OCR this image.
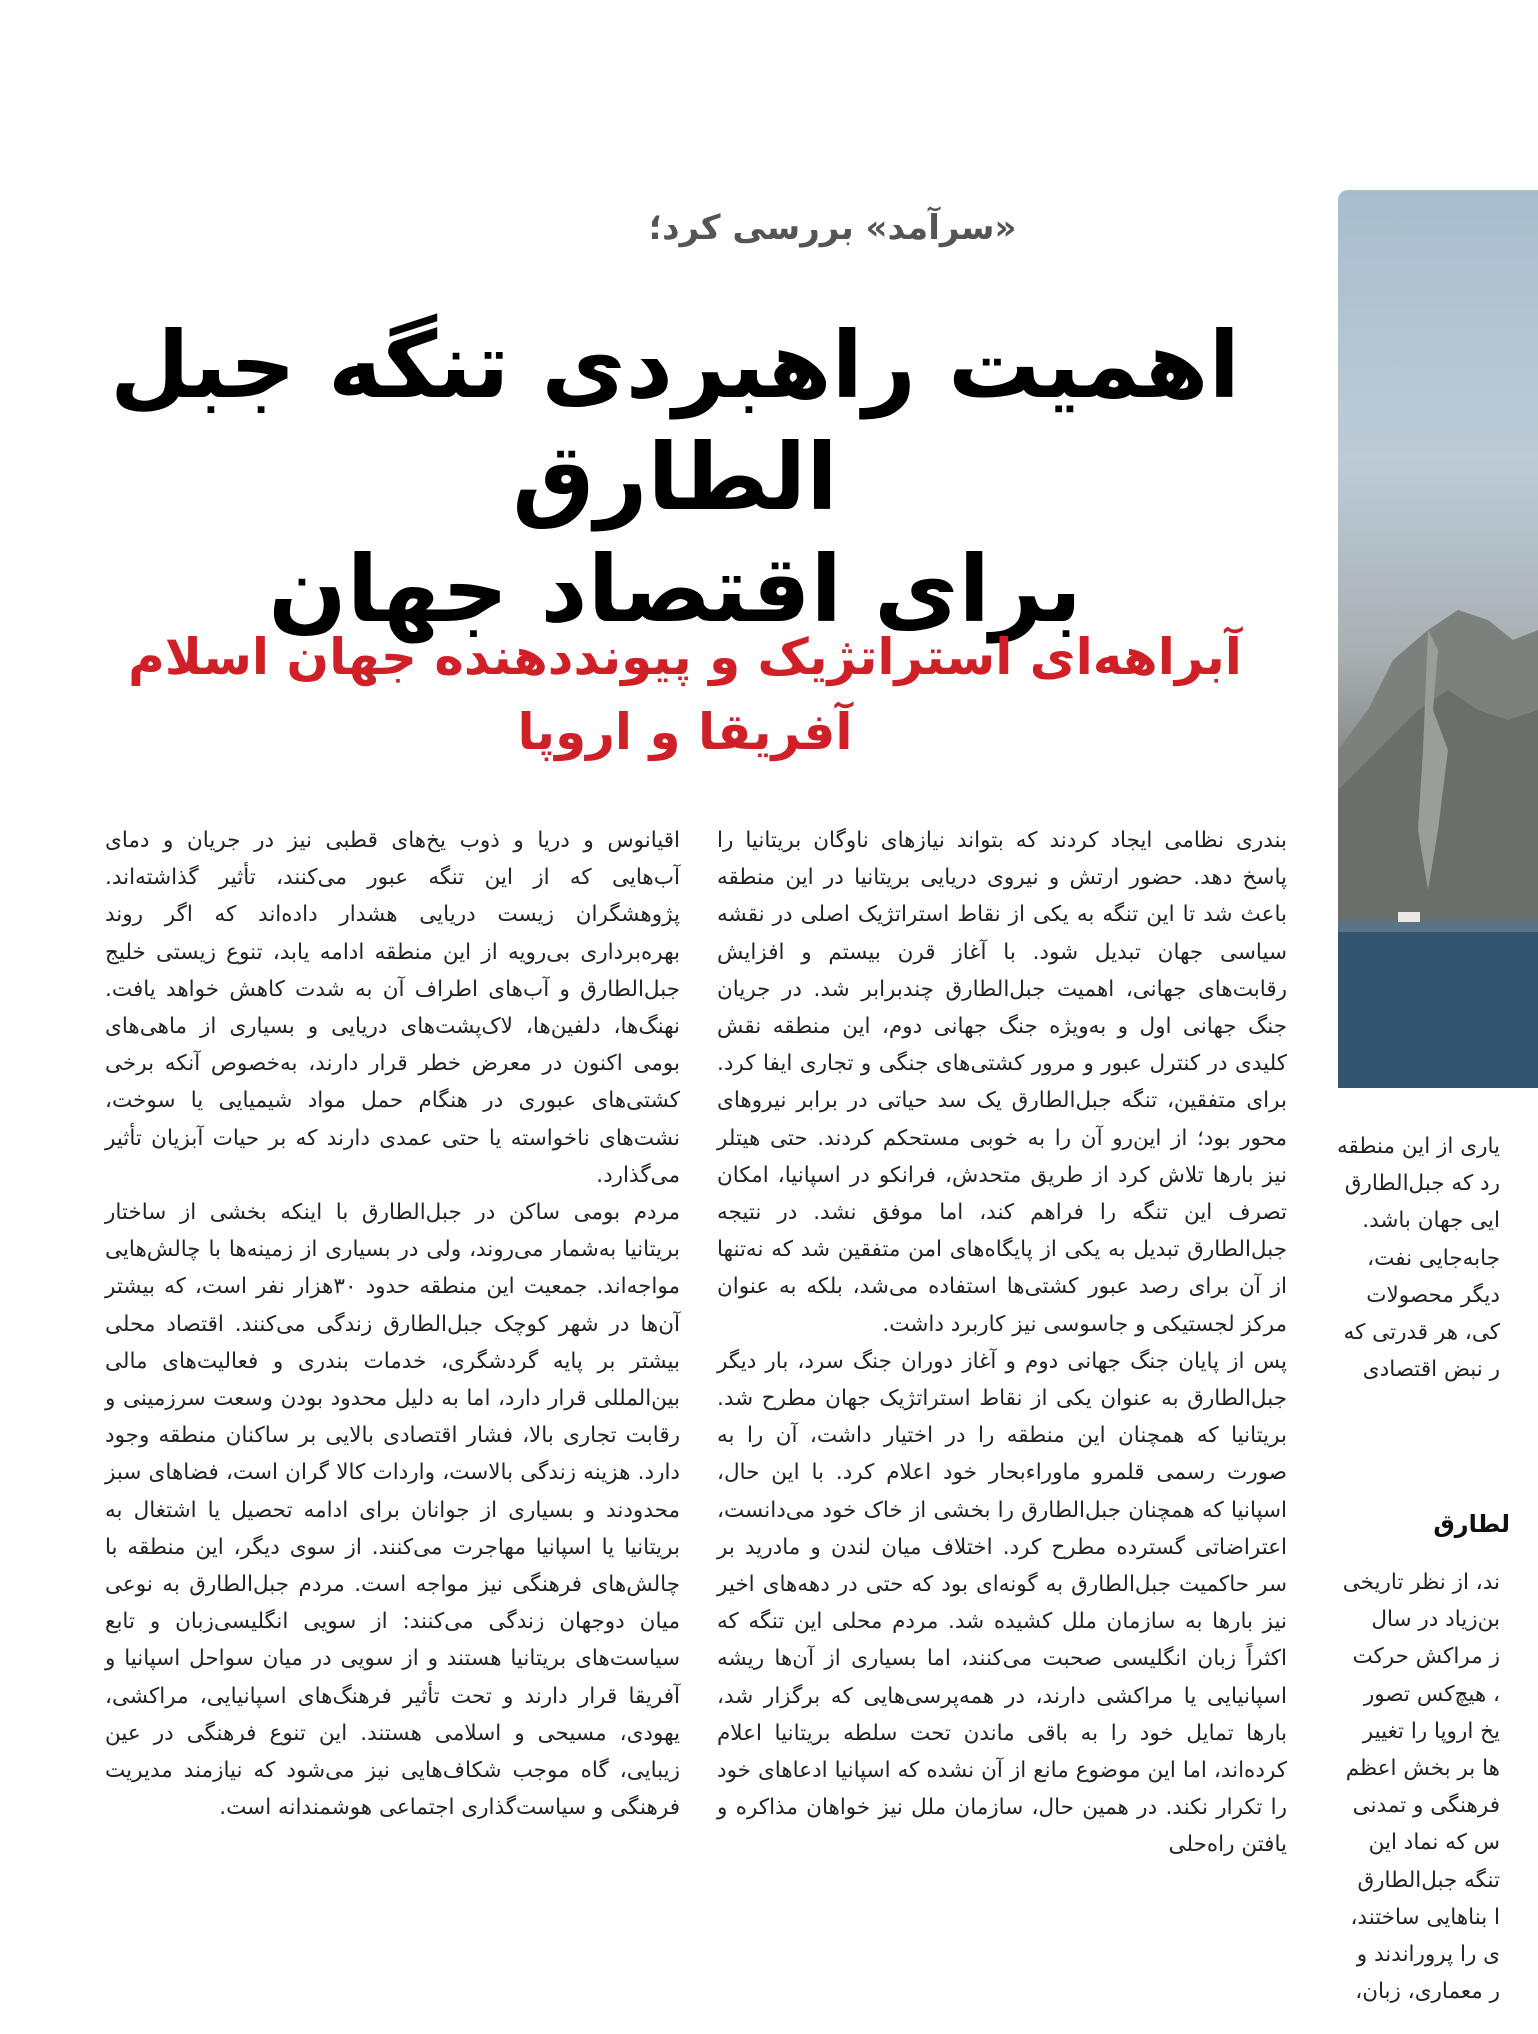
«سرآمد» بررسی کرد؛
اهمیت راهبردی تنگه جبل الطارق
برای اقتصاد جهان
آبراهه‌ای استراتژیک و پیونددهنده جهان اسلام
آفریقا و اروپا

بندری نظامی ایجاد کردند که بتواند نیازهای ناوگان بریتانیا را پاسخ دهد. حضور ارتش و نیروی دریایی بریتانیا در این منطقه باعث شد تا این تنگه به یکی از نقاط استراتژیک اصلی در نقشه سیاسی جهان تبدیل شود. با آغاز قرن بیستم و افزایش رقابت‌های جهانی، اهمیت جبل‌الطارق چندبرابر شد. در جریان جنگ جهانی اول و به‌ویژه جنگ جهانی دوم، این منطقه نقش کلیدی در کنترل عبور و مرور کشتی‌های جنگی و تجاری ایفا کرد. برای متفقین، تنگه جبل‌الطارق یک سد حیاتی در برابر نیروهای محور بود؛ از این‌رو آن را به خوبی مستحکم کردند. حتی هیتلر نیز بارها تلاش کرد از طریق متحدش، فرانکو در اسپانیا، امکان تصرف این تنگه را فراهم کند، اما موفق نشد. در نتیجه جبل‌الطارق تبدیل به یکی از پایگاه‌های امن متفقین شد که نه‌تنها از آن برای رصد عبور کشتی‌ها استفاده می‌شد، بلکه به عنوان مرکز لجستیکی و جاسوسی نیز کاربرد داشت.

پس از پایان جنگ جهانی دوم و آغاز دوران جنگ سرد، بار دیگر جبل‌الطارق به عنوان یکی از نقاط استراتژیک جهان مطرح شد. بریتانیا که همچنان این منطقه را در اختیار داشت، آن را به صورت رسمی قلمرو ماوراءبحار خود اعلام کرد. با این حال، اسپانیا که همچنان جبل‌الطارق را بخشی از خاک خود می‌دانست، اعتراضاتی گسترده مطرح کرد. اختلاف میان لندن و مادرید بر سر حاکمیت جبل‌الطارق به گونه‌ای بود که حتی در دهه‌های اخیر نیز بارها به سازمان ملل کشیده شد. مردم محلی این تنگه که اکثراً زبان انگلیسی صحبت می‌کنند، اما بسیاری از آن‌ها ریشه اسپانیایی یا مراکشی دارند، در همه‌پرسی‌هایی که برگزار شد، بارها تمایل خود را به باقی ماندن تحت سلطه بریتانیا اعلام کرده‌اند، اما این موضوع مانع از آن نشده که اسپانیا ادعاهای خود را تکرار نکند. در همین حال، سازمان ملل نیز خواهان مذاکره و یافتن راه‌حلی

اقیانوس و دریا و ذوب یخ‌های قطبی نیز در جریان و دمای آب‌هایی که از این تنگه عبور می‌کنند، تأثیر گذاشته‌اند. پژوهشگران زیست دریایی هشدار داده‌اند که اگر روند بهره‌برداری بی‌رویه از این منطقه ادامه یابد، تنوع زیستی خلیج جبل‌الطارق و آب‌های اطراف آن به شدت کاهش خواهد یافت. نهنگ‌ها، دلفین‌ها، لاک‌پشت‌های دریایی و بسیاری از ماهی‌های بومی اکنون در معرض خطر قرار دارند، به‌خصوص آنکه برخی کشتی‌های عبوری در هنگام حمل مواد شیمیایی یا سوخت، نشت‌های ناخواسته یا حتی عمدی دارند که بر حیات آبزیان تأثیر می‌گذارد.

مردم بومی ساکن در جبل‌الطارق با اینکه بخشی از ساختار بریتانیا به‌شمار می‌روند، ولی در بسیاری از زمینه‌ها با چالش‌هایی مواجه‌اند. جمعیت این منطقه حدود ۳۰هزار نفر است، که بیشتر آن‌ها در شهر کوچک جبل‌الطارق زندگی می‌کنند. اقتصاد محلی بیشتر بر پایه گردشگری، خدمات بندری و فعالیت‌های مالی بین‌المللی قرار دارد، اما به دلیل محدود بودن وسعت سرزمینی و رقابت تجاری بالا، فشار اقتصادی بالایی بر ساکنان منطقه وجود دارد. هزینه زندگی بالاست، واردات کالا گران است، فضاهای سبز محدودند و بسیاری از جوانان برای ادامه تحصیل یا اشتغال به بریتانیا یا اسپانیا مهاجرت می‌کنند. از سوی دیگر، این منطقه با چالش‌های فرهنگی نیز مواجه است. مردم جبل‌الطارق به نوعی میان دوجهان زندگی می‌کنند: از سویی انگلیسی‌زبان و تابع سیاست‌های بریتانیا هستند و از سویی در میان سواحل اسپانیا و آفریقا قرار دارند و تحت تأثیر فرهنگ‌های اسپانیایی، مراکشی، یهودی، مسیحی و اسلامی هستند. این تنوع فرهنگی در عین زیبایی، گاه موجب شکاف‌هایی نیز می‌شود که نیازمند مدیریت فرهنگی و سیاست‌گذاری اجتماعی هوشمندانه است.

یاری از این منطقه
رد که جبل‌الطارق
ایی جهان باشد.
جابه‌جایی نفت،
دیگر محصولات
کی، هر قدرتی که
ر نبض اقتصادی
لطارق
ند، از نظر تاریخی
بن‌زیاد در سال
ز مراکش حرکت
، هیچ‌کس تصور
یخ اروپا را تغییر
ها بر بخش اعظم
فرهنگی و تمدنی
س که نماد این
تنگه جبل‌الطارق
ا بناهایی ساختند،
ی را پروراندند و
ر معماری، زبان،
